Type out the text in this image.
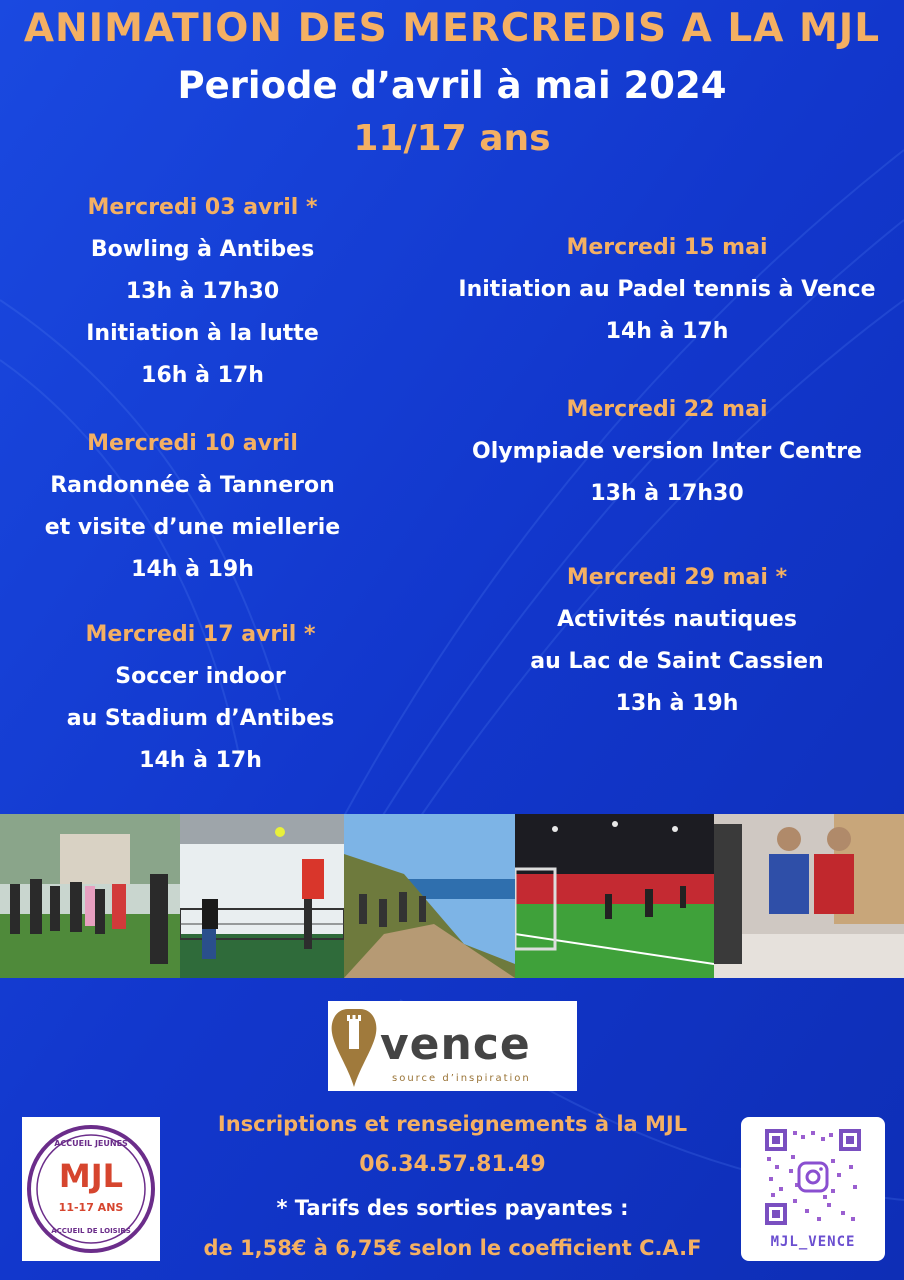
ANIMATION DES MERCREDIS A LA MJL
Periode d’avril à mai 2024
11/17 ans
Mercredi 03 avril *
Bowling à Antibes
13h à 17h30
Initiation à la lutte
16h à 17h
Mercredi 10 avril
Randonnée à Tanneron
et visite d’une miellerie
14h à 19h
Mercredi 17 avril *
Soccer indoor
au Stadium d’Antibes
14h à 17h
Mercredi 15 mai
Initiation au Padel tennis à Vence
14h à 17h
Mercredi 22 mai
Olympiade version Inter Centre
13h à 17h30
Mercredi 29 mai *
Activités nautiques
au Lac de Saint Cassien
13h à 19h
vence
source d’inspiration
Inscriptions et renseignements à la MJL
06.34.57.81.49
* Tarifs des sorties payantes :
de 1,58€ à 6,75€ selon le coefficient C.A.F
ACCUEIL JEUNES
MJL
11-17 ANS
ACCUEIL DE LOISIRS
MJL_VENCE
